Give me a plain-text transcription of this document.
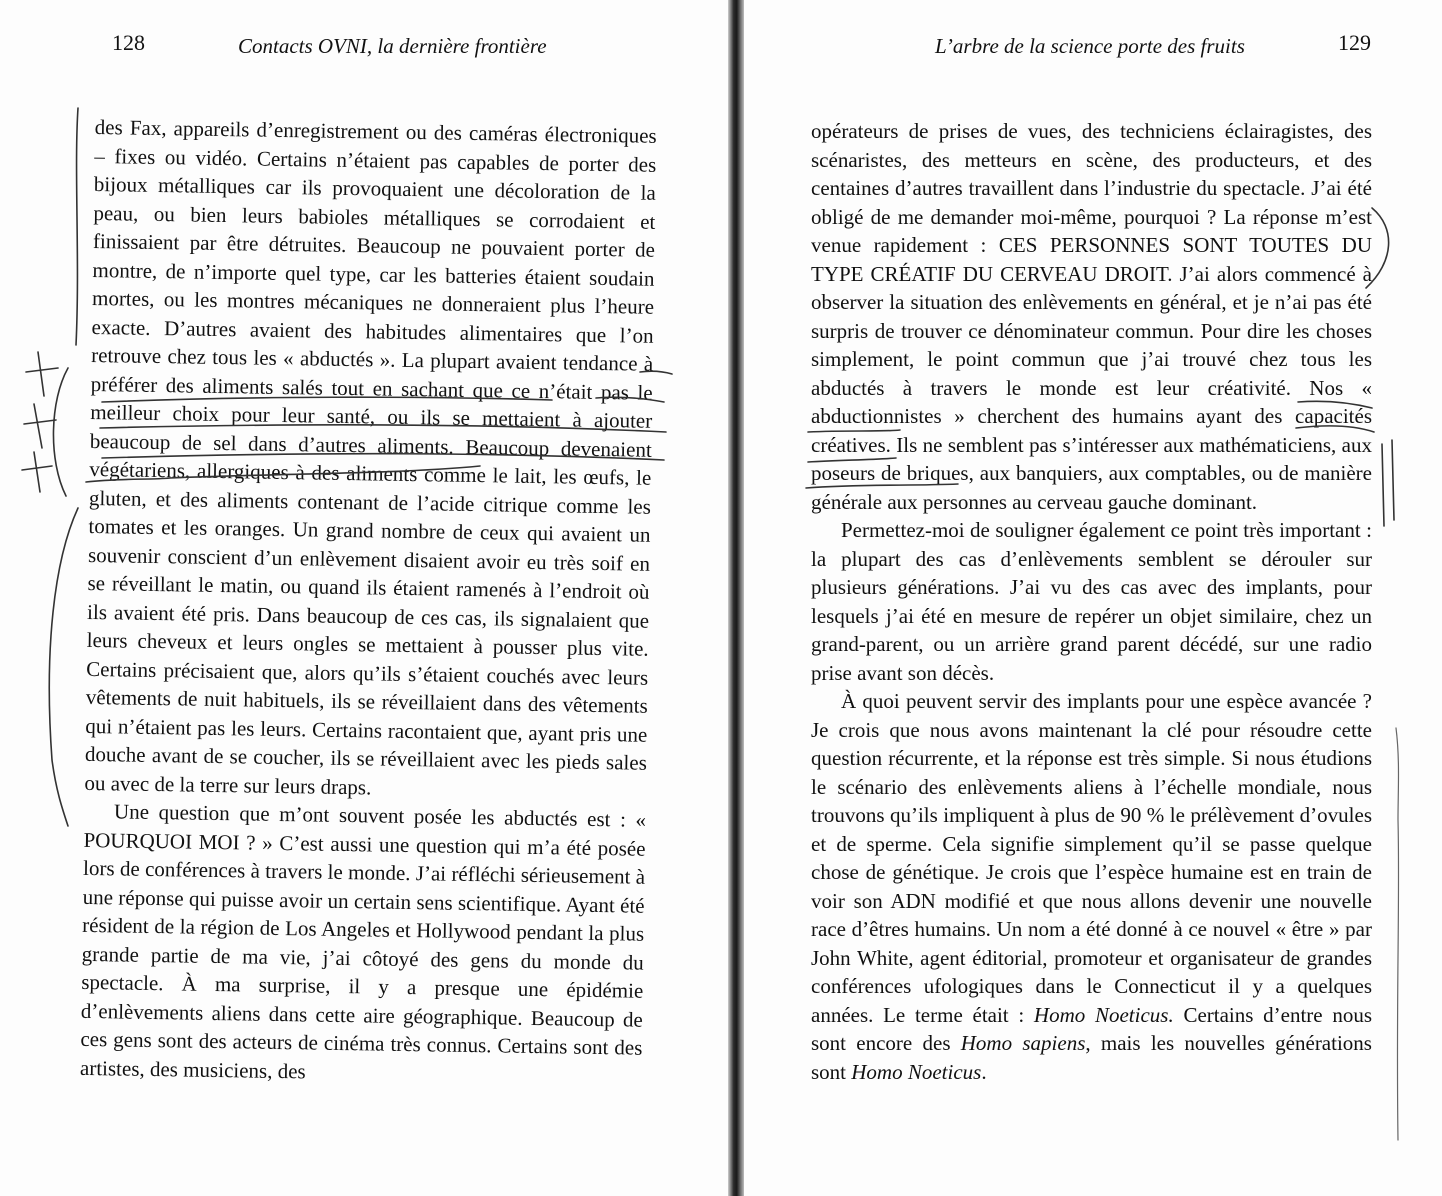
128	Contacts OVNI, la dernière frontière

des Fax, appareils d’enregistrement ou des caméras électroniques – fixes ou vidéo. Certains n’étaient pas capables de porter des bijoux métalliques car ils provoquaient une décoloration de la peau, ou bien leurs babioles métalliques se corrodaient et finissaient par être détruites. Beaucoup ne pouvaient porter de montre, de n’importe quel type, car les batteries étaient soudain mortes, ou les montres mécaniques ne donneraient plus l’heure exacte. D’autres avaient des habitudes alimentaires que l’on retrouve chez tous les « abductés ». La plupart avaient tendance à préférer des aliments salés tout en sachant que ce n’était pas le meilleur choix pour leur santé, ou ils se mettaient à ajouter beaucoup de sel dans d’autres aliments. Beaucoup devenaient végétariens, allergiques à des aliments comme le lait, les œufs, le gluten, et des aliments contenant de l’acide citrique comme les tomates et les oranges. Un grand nombre de ceux qui avaient un souvenir conscient d’un enlèvement disaient avoir eu très soif en se réveillant le matin, ou quand ils étaient ramenés à l’endroit où ils avaient été pris. Dans beaucoup de ces cas, ils signalaient que leurs cheveux et leurs ongles se mettaient à pousser plus vite. Certains précisaient que, alors qu’ils s’étaient couchés avec leurs vêtements de nuit habituels, ils se réveillaient dans des vêtements qui n’étaient pas les leurs. Certains racontaient que, ayant pris une douche avant de se coucher, ils se réveillaient avec les pieds sales ou avec de la terre sur leurs draps.

Une question que m’ont souvent posée les abductés est : « POURQUOI MOI ? » C’est aussi une question qui m’a été posée lors de conférences à travers le monde. J’ai réfléchi sérieusement à une réponse qui puisse avoir un certain sens scientifique. Ayant été résident de la région de Los Angeles et Hollywood pendant la plus grande partie de ma vie, j’ai côtoyé des gens du monde du spectacle. À ma surprise, il y a presque une épidémie d’enlèvements aliens dans cette aire géographique. Beaucoup de ces gens sont des acteurs de cinéma très connus. Certains sont des artistes, des musiciens, des

L’arbre de la science porte des fruits	129

opérateurs de prises de vues, des techniciens éclairagistes, des scénaristes, des metteurs en scène, des producteurs, et des centaines d’autres travaillent dans l’industrie du spectacle. J’ai été obligé de me demander moi-même, pourquoi ? La réponse m’est venue rapidement : CES PERSONNES SONT TOUTES DU TYPE CRÉATIF DU CERVEAU DROIT. J’ai alors commencé à observer la situation des enlèvements en général, et je n’ai pas été surpris de trouver ce dénominateur commun. Pour dire les choses simplement, le point commun que j’ai trouvé chez tous les abductés à travers le monde est leur créativité. Nos « abductionnistes » cherchent des humains ayant des capacités créatives. Ils ne semblent pas s’intéresser aux mathématiciens, aux poseurs de briques, aux banquiers, aux comptables, ou de manière générale aux personnes au cerveau gauche dominant.

Permettez-moi de souligner également ce point très important : la plupart des cas d’enlèvements semblent se dérouler sur plusieurs générations. J’ai vu des cas avec des implants, pour lesquels j’ai été en mesure de repérer un objet similaire, chez un grand-parent, ou un arrière grand parent décédé, sur une radio prise avant son décès.

À quoi peuvent servir des implants pour une espèce avancée ? Je crois que nous avons maintenant la clé pour résoudre cette question récurrente, et la réponse est très simple. Si nous étudions le scénario des enlèvements aliens à l’échelle mondiale, nous trouvons qu’ils impliquent à plus de 90 % le prélèvement d’ovules et de sperme. Cela signifie simplement qu’il se passe quelque chose de génétique. Je crois que l’espèce humaine est en train de voir son ADN modifié et que nous allons devenir une nouvelle race d’êtres humains. Un nom a été donné à ce nouvel « être » par John White, agent éditorial, promoteur et organisateur de grandes conférences ufologiques dans le Connecticut il y a quelques années. Le terme était : Homo Noeticus. Certains d’entre nous sont encore des Homo sapiens, mais les nouvelles générations sont Homo Noeticus.
